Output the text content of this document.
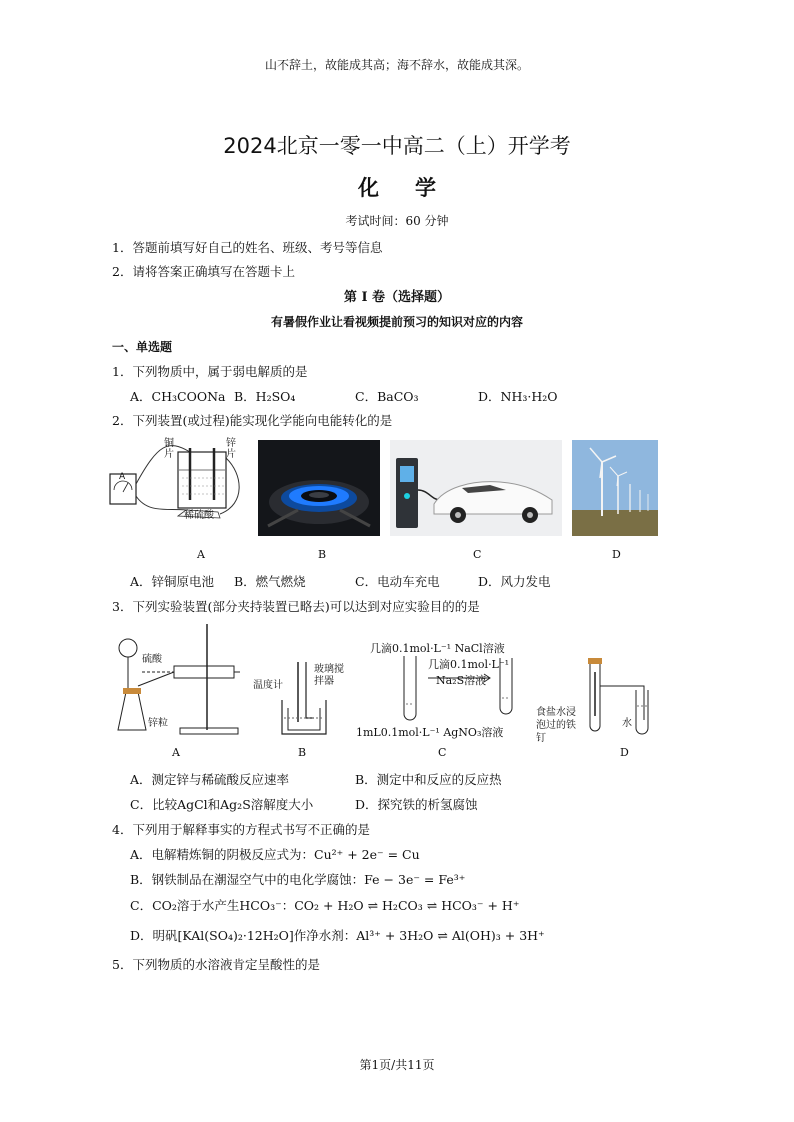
山不辞土，故能成其高；海不辞水，故能成其深。
2024北京一零一中高二（上）开学考
化学
考试时间：60 分钟
1．答题前填写好自己的姓名、班级、考号等信息
2．请将答案正确填写在答题卡上
第 I 卷（选择题）
有暑假作业让看视频提前预习的知识对应的内容
一、单选题
1．下列物质中，属于弱电解质的是
A．CH₃COONa B．H₂SO₄	C．BaCO₃	D．NH₃·H₂O
2．下列装置(或过程)能实现化学能向电能转化的是
A
铜片
锌片
稀硫酸
A	B	C	D
A．锌铜原电池 B．燃气燃烧	C．电动车充电	D．风力发电
3．下列实验装置(部分夹持装置已略去)可以达到对应实验目的的是
硫酸
锌粒
温度计
玻璃搅拌器
几滴0.1mol·L⁻¹ NaCl溶液
几滴0.1mol·L⁻¹
Na₂S溶液
1mL0.1mol·L⁻¹ AgNO₃溶液
食盐水浸泡过的铁钉
水
A	B	C	D
A．测定锌与稀硫酸反应速率	B．测定中和反应的反应热
C．比较AgCl和Ag₂S溶解度大小	D．探究铁的析氢腐蚀
4．下列用于解释事实的方程式书写不正确的是
A．电解精炼铜的阴极反应式为：Cu²⁺ + 2e⁻ = Cu
B．钢铁制品在潮湿空气中的电化学腐蚀：Fe − 3e⁻ = Fe³⁺
C．CO₂溶于水产生HCO₃⁻：CO₂ + H₂O ⇌ H₂CO₃ ⇌ HCO₃⁻ + H⁺
D．明矾[KAl(SO₄)₂·12H₂O]作净水剂：Al³⁺ + 3H₂O ⇌ Al(OH)₃ + 3H⁺
5．下列物质的水溶液肯定呈酸性的是
第1页/共11页
